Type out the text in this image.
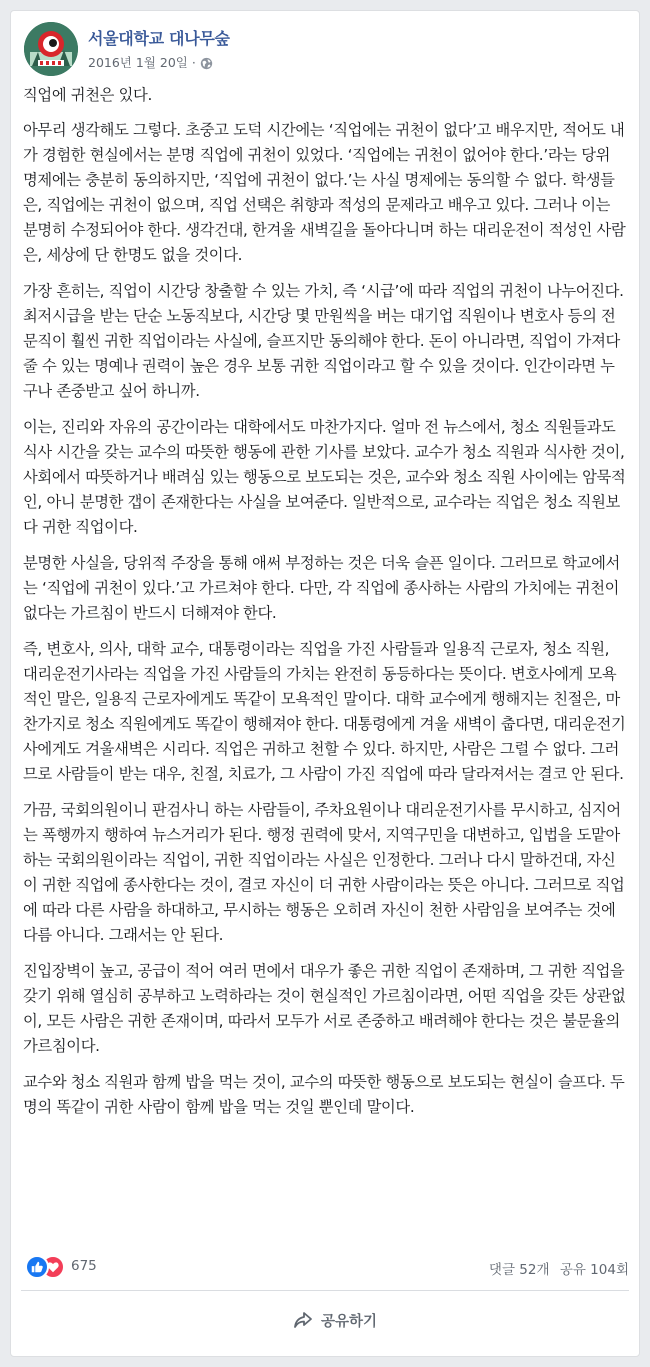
서울대학교 대나무숲
2016년 1월 20일 ·

직업에 귀천은 있다.

아무리 생각해도 그렇다. 초중고 도덕 시간에는 ‘직업에는 귀천이 없다’고 배우지만, 적어도 내가 경험한 현실에서는 분명 직업에 귀천이 있었다. ‘직업에는 귀천이 없어야 한다.’라는 당위 명제에는 충분히 동의하지만, ‘직업에 귀천이 없다.’는 사실 명제에는 동의할 수 없다. 학생들은, 직업에는 귀천이 없으며, 직업 선택은 취향과 적성의 문제라고 배우고 있다. 그러나 이는 분명히 수정되어야 한다. 생각건대, 한겨울 새벽길을 돌아다니며 하는 대리운전이 적성인 사람은, 세상에 단 한명도 없을 것이다.

가장 흔히는, 직업이 시간당 창출할 수 있는 가치, 즉 ‘시급’에 따라 직업의 귀천이 나누어진다. 최저시급을 받는 단순 노동직보다, 시간당 몇 만원씩을 버는 대기업 직원이나 변호사 등의 전문직이 훨씬 귀한 직업이라는 사실에, 슬프지만 동의해야 한다. 돈이 아니라면, 직업이 가져다줄 수 있는 명예나 권력이 높은 경우 보통 귀한 직업이라고 할 수 있을 것이다. 인간이라면 누구나 존중받고 싶어 하니까.

이는, 진리와 자유의 공간이라는 대학에서도 마찬가지다. 얼마 전 뉴스에서, 청소 직원들과도 식사 시간을 갖는 교수의 따뜻한 행동에 관한 기사를 보았다. 교수가 청소 직원과 식사한 것이, 사회에서 따뜻하거나 배려심 있는 행동으로 보도되는 것은, 교수와 청소 직원 사이에는 암묵적인, 아니 분명한 갭이 존재한다는 사실을 보여준다. 일반적으로, 교수라는 직업은 청소 직원보다 귀한 직업이다.

분명한 사실을, 당위적 주장을 통해 애써 부정하는 것은 더욱 슬픈 일이다. 그러므로 학교에서는 ‘직업에 귀천이 있다.’고 가르쳐야 한다. 다만, 각 직업에 종사하는 사람의 가치에는 귀천이 없다는 가르침이 반드시 더해져야 한다.

즉, 변호사, 의사, 대학 교수, 대통령이라는 직업을 가진 사람들과 일용직 근로자, 청소 직원, 대리운전기사라는 직업을 가진 사람들의 가치는 완전히 동등하다는 뜻이다. 변호사에게 모욕적인 말은, 일용직 근로자에게도 똑같이 모욕적인 말이다. 대학 교수에게 행해지는 친절은, 마찬가지로 청소 직원에게도 똑같이 행해져야 한다. 대통령에게 겨울 새벽이 춥다면, 대리운전기사에게도 겨울새벽은 시리다. 직업은 귀하고 천할 수 있다. 하지만, 사람은 그럴 수 없다. 그러므로 사람들이 받는 대우, 친절, 치료가, 그 사람이 가진 직업에 따라 달라져서는 결코 안 된다.

가끔, 국회의원이니 판검사니 하는 사람들이, 주차요원이나 대리운전기사를 무시하고, 심지어는 폭행까지 행하여 뉴스거리가 된다. 행정 권력에 맞서, 지역구민을 대변하고, 입법을 도맡아하는 국회의원이라는 직업이, 귀한 직업이라는 사실은 인정한다. 그러나 다시 말하건대, 자신이 귀한 직업에 종사한다는 것이, 결코 자신이 더 귀한 사람이라는 뜻은 아니다. 그러므로 직업에 따라 다른 사람을 하대하고, 무시하는 행동은 오히려 자신이 천한 사람임을 보여주는 것에 다름 아니다. 그래서는 안 된다.

진입장벽이 높고, 공급이 적어 여러 면에서 대우가 좋은 귀한 직업이 존재하며, 그 귀한 직업을 갖기 위해 열심히 공부하고 노력하라는 것이 현실적인 가르침이라면, 어떤 직업을 갖든 상관없이, 모든 사람은 귀한 존재이며, 따라서 모두가 서로 존중하고 배려해야 한다는 것은 불문율의 가르침이다.

교수와 청소 직원과 함께 밥을 먹는 것이, 교수의 따뜻한 행동으로 보도되는 현실이 슬프다. 두 명의 똑같이 귀한 사람이 함께 밥을 먹는 것일 뿐인데 말이다.

675	댓글 52개 공유 104회
공유하기
